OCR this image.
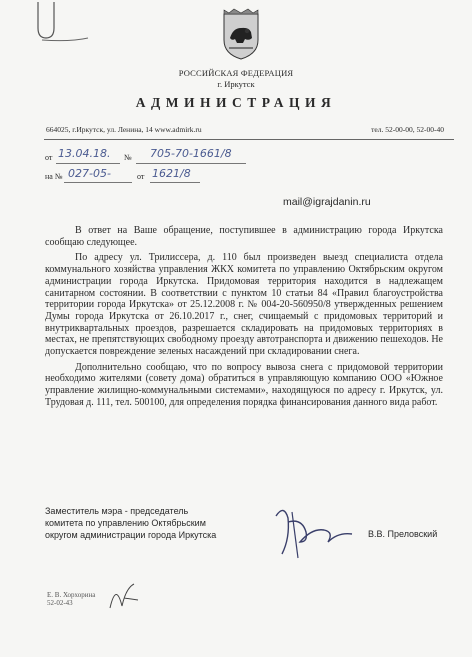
РОССИЙСКАЯ ФЕДЕРАЦИЯ
г. Иркутск
АДМИНИСТРАЦИЯ
664025, г.Иркутск, ул. Ленина, 14 www.admirk.ru	тел. 52-00-00, 52-00-40
от 13.04.18. № 705-70-1661/8
на № 027-05-	от 1621/8
mail@igrajdanin.ru

В ответ на Ваше обращение, поступившее в администрацию города Иркутска сообщаю следующее.

По адресу ул. Трилиссера, д. 110 был произведен выезд специалиста отдела коммунального хозяйства управления ЖКХ комитета по управлению Октябрьским округом администрации города Иркутска. Придомовая территория находится в надлежащем санитарном состоянии. В соответствии с пунктом 10 статьи 84 «Правил благоустройства территории города Иркутска» от 25.12.2008 г. № 004-20-560950/8 утвержденных решением Думы города Иркутска от 26.10.2017 г., снег, счищаемый с придомовых территорий и внутриквартальных проездов, разрешается складировать на придомовых территориях в местах, не препятствующих свободному проезду автотранспорта и движению пешеходов. Не допускается повреждение зеленых насаждений при складировании снега.

Дополнительно сообщаю, что по вопросу вывоза снега с придомовой территории необходимо жителями (совету дома) обратиться в управляющую компанию ООО «Южное управление жилищно-коммунальными системами», находящуюся по адресу г. Иркутск, ул. Трудовая д. 111, тел. 500100, для определения порядка финансирования данного вида работ.

Заместитель мэра - председатель
комитета по управлению Октябрьским
округом администрации города Иркутска	В.В. Преловский
Е. В. Хорхорина
52-02-43
